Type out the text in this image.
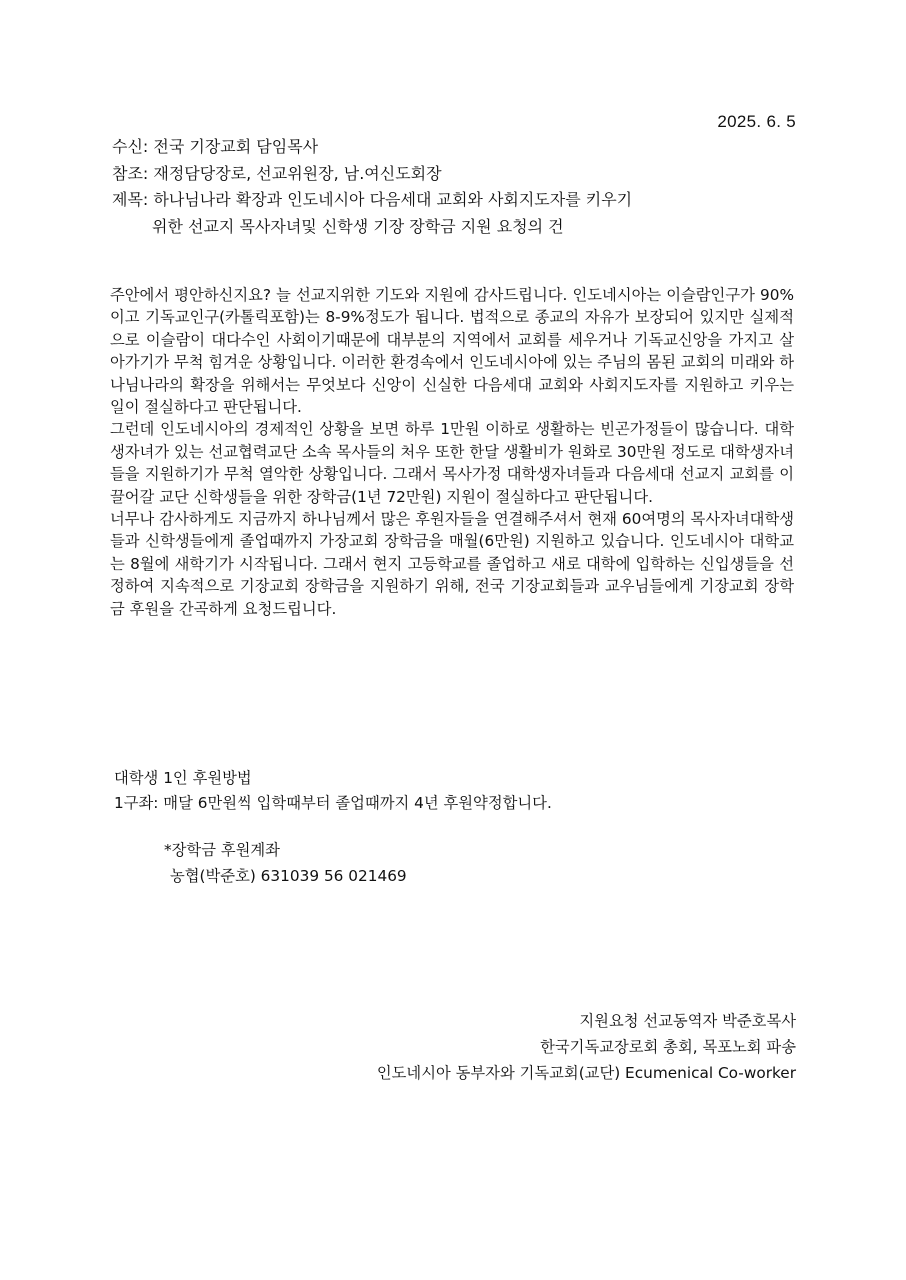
2025. 6. 5
수신: 전국 기장교회 담임목사
참조: 재정담당장로, 선교위원장, 남.여신도회장
제목: 하나님나라 확장과 인도네시아 다음세대 교회와 사회지도자를 키우기
위한 선교지 목사자녀및 신학생 기장 장학금 지원 요청의 건

주안에서 평안하신지요? 늘 선교지위한 기도와 지원에 감사드립니다. 인도네시아는 이슬람인구가 90%이고 기독교인구(카톨릭포함)는 8-9%정도가 됩니다. 법적으로 종교의 자유가 보장되어 있지만 실제적으로 이슬람이 대다수인 사회이기때문에 대부분의 지역에서 교회를 세우거나 기독교신앙을 가지고 살아가기가 무척 힘겨운 상황입니다. 이러한 환경속에서 인도네시아에 있는 주님의 몸된 교회의 미래와 하나님나라의 확장을 위해서는 무엇보다 신앙이 신실한 다음세대 교회와 사회지도자를 지원하고 키우는 일이 절실하다고 판단됩니다.

그런데 인도네시아의 경제적인 상황을 보면 하루 1만원 이하로 생활하는 빈곤가정들이 많습니다. 대학생자녀가 있는 선교협력교단 소속 목사들의 처우 또한 한달 생활비가 원화로 30만원 정도로 대학생자녀들을 지원하기가 무척 열악한 상황입니다. 그래서 목사가정 대학생자녀들과 다음세대 선교지 교회를 이끌어갈 교단 신학생들을 위한 장학금(1년 72만원) 지원이 절실하다고 판단됩니다.

너무나 감사하게도 지금까지 하나님께서 많은 후원자들을 연결해주셔서 현재 60여명의 목사자녀대학생들과 신학생들에게 졸업때까지 가장교회 장학금을 매월(6만원) 지원하고 있습니다. 인도네시아 대학교는 8월에 새학기가 시작됩니다. 그래서 현지 고등학교를 졸업하고 새로 대학에 입학하는 신입생들을 선정하여 지속적으로 기장교회 장학금을 지원하기 위해, 전국 기장교회들과 교우님들에게 기장교회 장학금 후원을 간곡하게 요청드립니다.

대학생 1인 후원방법
1구좌: 매달 6만원씩 입학때부터 졸업때까지 4년 후원약정합니다.
*장학금 후원계좌
농협(박준호) 631039 56 021469
지원요청 선교동역자 박준호목사
한국기독교장로회 총회, 목포노회 파송
인도네시아 동부자와 기독교회(교단) Ecumenical Co-worker
